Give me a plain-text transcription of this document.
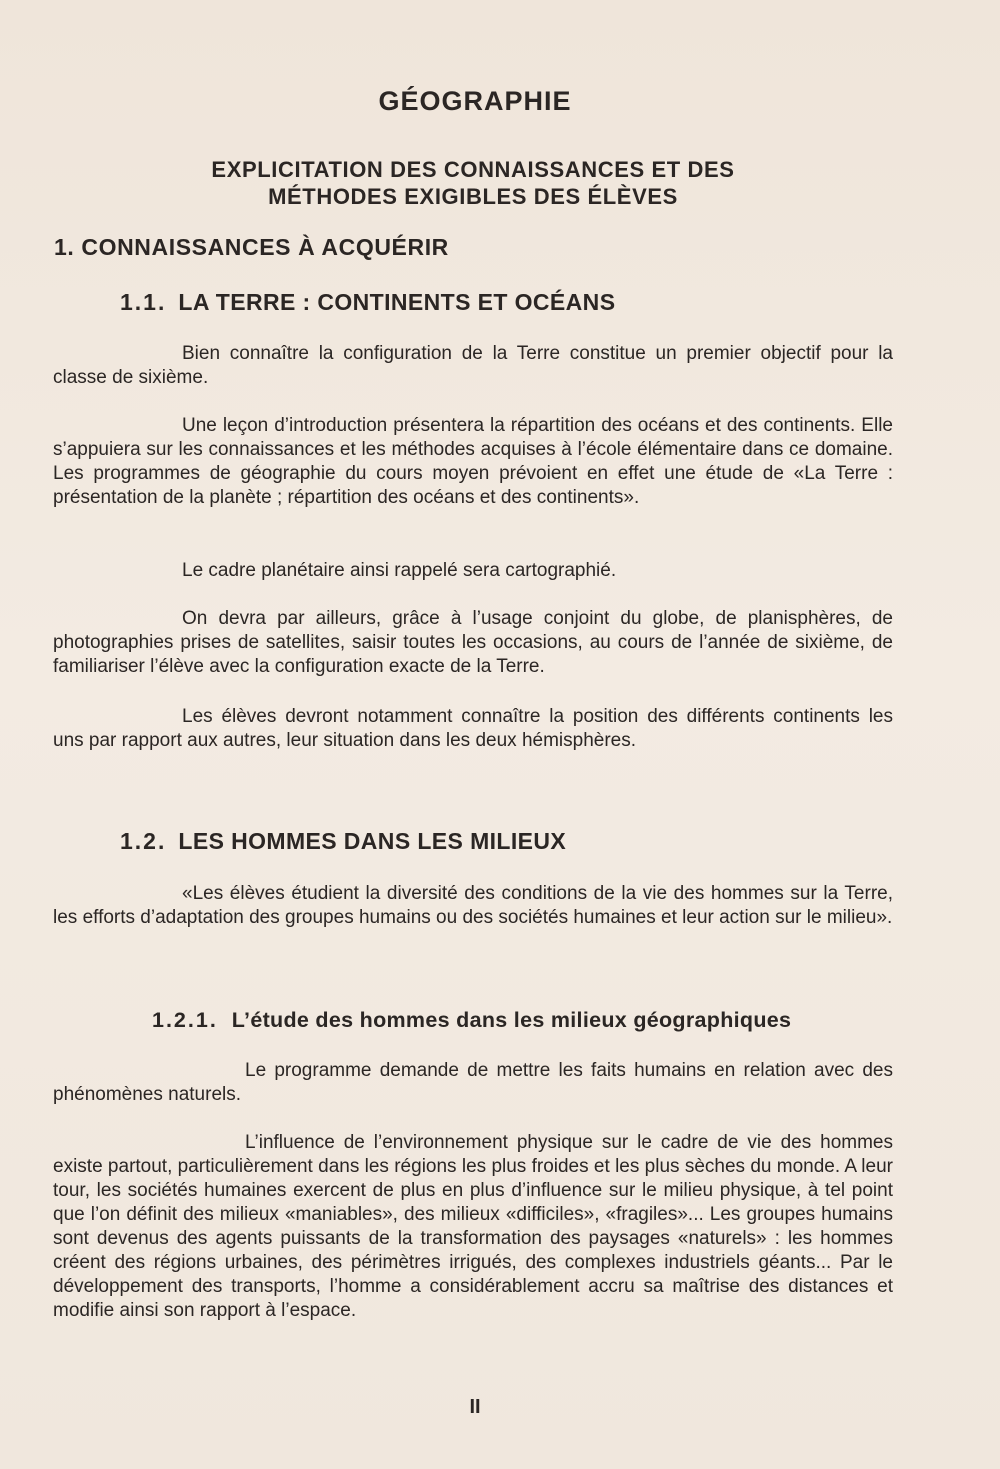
GÉOGRAPHIE
EXPLICITATION DES CONNAISSANCES ET DES
MÉTHODES EXIGIBLES DES ÉLÈVES
1. CONNAISSANCES À ACQUÉRIR
1.1. LA TERRE : CONTINENTS ET OCÉANS

Bien connaître la configuration de la Terre constitue un premier objectif pour la classe de sixième.

Une leçon d’introduction présentera la répartition des océans et des continents. Elle s’appuiera sur les connaissances et les méthodes acquises à l’école élémentaire dans ce domaine. Les programmes de géographie du cours moyen prévoient en effet une étude de «La Terre : présentation de la planète ; répartition des océans et des continents».

Le cadre planétaire ainsi rappelé sera cartographié.

On devra par ailleurs, grâce à l’usage conjoint du globe, de planisphères, de photographies prises de satellites, saisir toutes les occasions, au cours de l’année de sixième, de familiariser l’élève avec la configuration exacte de la Terre.

Les élèves devront notamment connaître la position des différents continents les uns par rapport aux autres, leur situation dans les deux hémisphères.

1.2. LES HOMMES DANS LES MILIEUX

«Les élèves étudient la diversité des conditions de la vie des hommes sur la Terre, les efforts d’adaptation des groupes humains ou des sociétés humaines et leur action sur le milieu».

1.2.1. L’étude des hommes dans les milieux géographiques

Le programme demande de mettre les faits humains en relation avec des phénomènes naturels.

L’influence de l’environnement physique sur le cadre de vie des hommes existe partout, particulièrement dans les régions les plus froides et les plus sèches du monde. A leur tour, les sociétés humaines exercent de plus en plus d’influence sur le milieu physique, à tel point que l’on définit des milieux «maniables», des milieux «difficiles», «fragiles»... Les groupes humains sont devenus des agents puissants de la transformation des paysages «naturels» : les hommes créent des régions urbaines, des périmètres irrigués, des complexes industriels géants... Par le développement des transports, l’homme a considérablement accru sa maîtrise des distances et modifie ainsi son rapport à l’espace.

II
